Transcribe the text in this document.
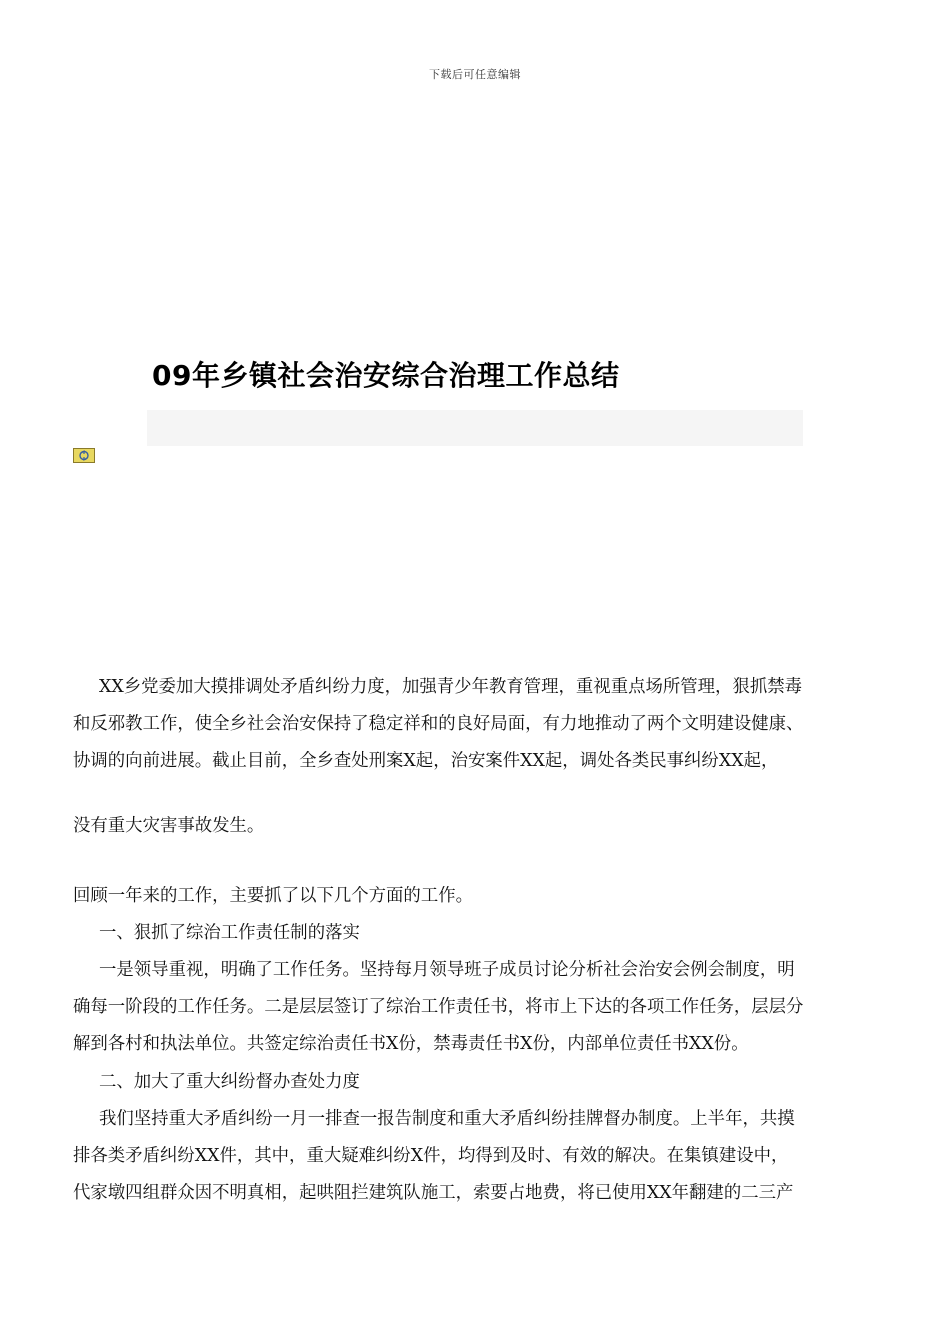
下载后可任意编辑
09年乡镇社会治安综合治理工作总结
XX乡党委加大摸排调处矛盾纠纷力度，加强青少年教育管理，重视重点场所管理，狠抓禁毒
和反邪教工作，使全乡社会治安保持了稳定祥和的良好局面，有力地推动了两个文明建设健康、
协调的向前进展。截止目前，全乡查处刑案X起，治安案件XX起，调处各类民事纠纷XX起，
没有重大灾害事故发生。
回顾一年来的工作，主要抓了以下几个方面的工作。
一、狠抓了综治工作责任制的落实
一是领导重视，明确了工作任务。坚持每月领导班子成员讨论分析社会治安会例会制度，明
确每一阶段的工作任务。二是层层签订了综治工作责任书，将市上下达的各项工作任务，层层分
解到各村和执法单位。共签定综治责任书X份，禁毒责任书X份，内部单位责任书XX份。
二、加大了重大纠纷督办查处力度
我们坚持重大矛盾纠纷一月一排查一报告制度和重大矛盾纠纷挂牌督办制度。上半年，共摸
排各类矛盾纠纷XX件，其中，重大疑难纠纷X件，均得到及时、有效的解决。在集镇建设中，
代家墩四组群众因不明真相，起哄阻拦建筑队施工，索要占地费，将已使用XX年翻建的二三产
